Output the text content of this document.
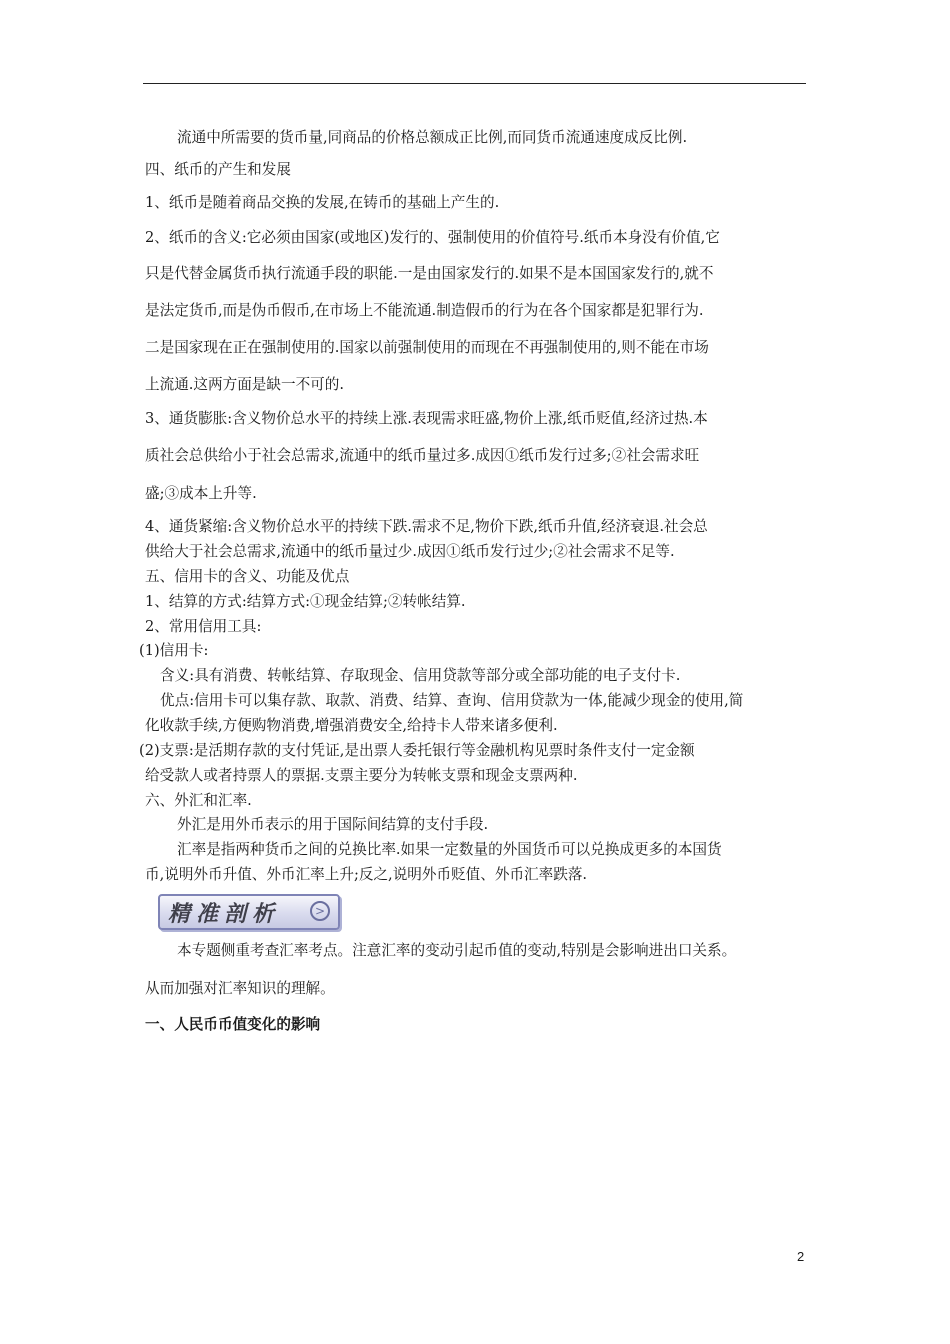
流通中所需要的货币量,同商品的价格总额成正比例,而同货币流通速度成反比例.
四、纸币的产生和发展
1、纸币是随着商品交换的发展,在铸币的基础上产生的.
2、纸币的含义:它必须由国家(或地区)发行的、强制使用的价值符号.纸币本身没有价值,它
只是代替金属货币执行流通手段的职能.一是由国家发行的.如果不是本国国家发行的,就不
是法定货币,而是伪币假币,在市场上不能流通.制造假币的行为在各个国家都是犯罪行为.
二是国家现在正在强制使用的.国家以前强制使用的而现在不再强制使用的,则不能在市场
上流通.这两方面是缺一不可的.
3、通货膨胀:含义物价总水平的持续上涨.表现需求旺盛,物价上涨,纸币贬值,经济过热.本
质社会总供给小于社会总需求,流通中的纸币量过多.成因①纸币发行过多;②社会需求旺
盛;③成本上升等.
4、通货紧缩:含义物价总水平的持续下跌.需求不足,物价下跌,纸币升值,经济衰退.社会总
供给大于社会总需求,流通中的纸币量过少.成因①纸币发行过少;②社会需求不足等.
五、信用卡的含义、功能及优点
1、结算的方式:结算方式:①现金结算;②转帐结算.
2、常用信用工具:
(1)信用卡:
含义:具有消费、转帐结算、存取现金、信用贷款等部分或全部功能的电子支付卡.
优点:信用卡可以集存款、取款、消费、结算、查询、信用贷款为一体,能减少现金的使用,简
化收款手续,方便购物消费,增强消费安全,给持卡人带来诸多便利.
(2)支票:是活期存款的支付凭证,是出票人委托银行等金融机构见票时条件支付一定金额
给受款人或者持票人的票据.支票主要分为转帐支票和现金支票两种.
六、外汇和汇率.
外汇是用外币表示的用于国际间结算的支付手段.
汇率是指两种货币之间的兑换比率.如果一定数量的外国货币可以兑换成更多的本国货
币,说明外币升值、外币汇率上升;反之,说明外币贬值、外币汇率跌落.
精准剖析	>
本专题侧重考查汇率考点。注意汇率的变动引起币值的变动,特别是会影响进出口关系。
从而加强对汇率知识的理解。
一、人民币币值变化的影响
2
